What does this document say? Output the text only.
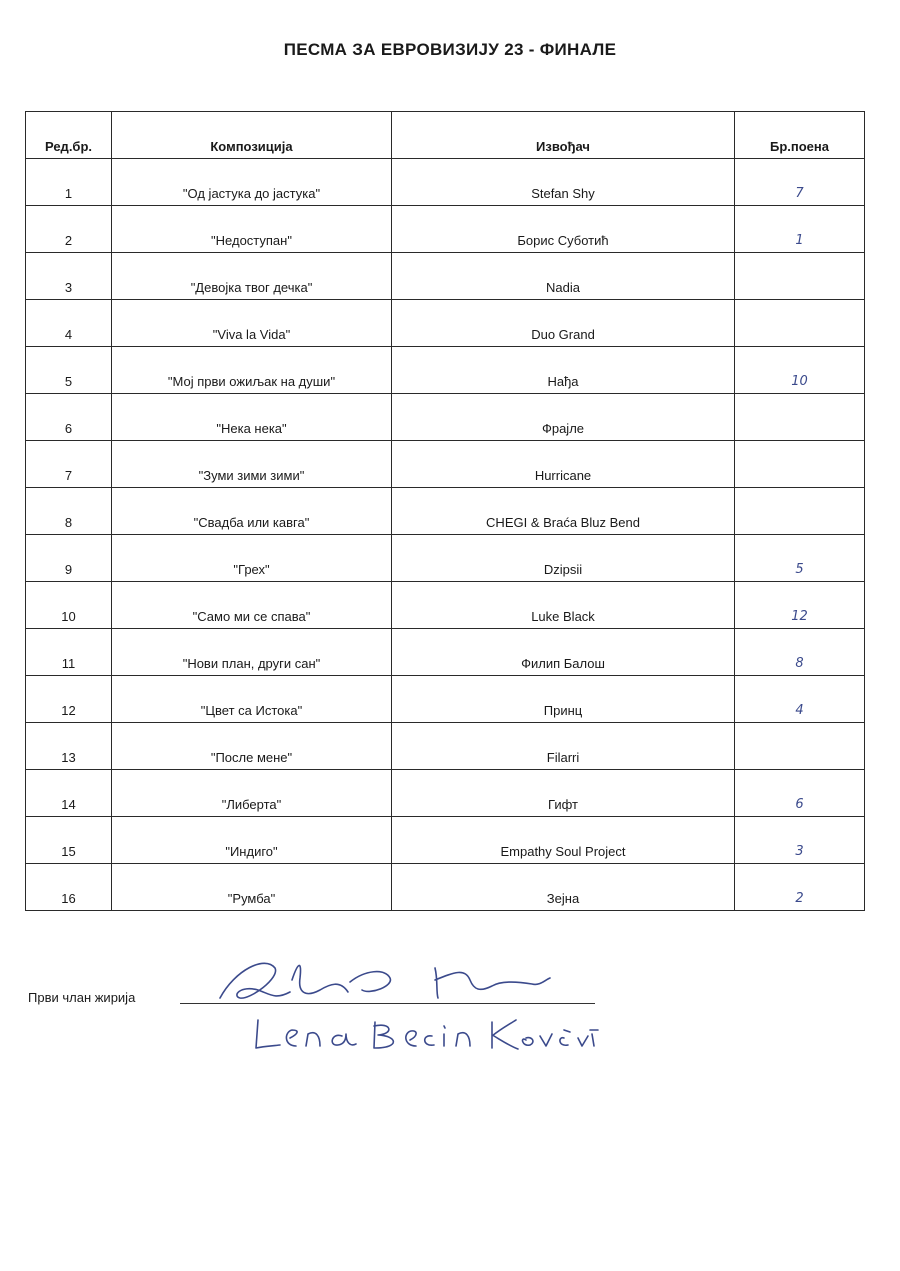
ПЕСМА ЗА ЕВРОВИЗИЈУ 23 - ФИНАЛЕ
Ред.бр.	Композиција	Извођач	Бр.поена
1	"Од јастука до јастука"	Stefan Shy	7
2	"Недоступан"	Борис Суботић	1
3	"Девојка твог дечка"	Nadia	
4	"Viva la Vida"	Duo Grand	
5	"Мој први ожиљак на души"	Нађа	10
6	"Нека нека"	Фрајле	
7	"Зуми зими зими"	Hurricane	
8	"Свадба или кавга"	CHEGI & Braća Bluz Bend	
9	"Грех"	Dzipsii	5
10	"Само ми се спава"	Luke Black	12
11	"Нови план, други сан"	Филип Балош	8
12	"Цвет са Истока"	Принц	4
13	"После мене"	Filarri	
14	"Либерта"	Гифт	6
15	"Индиго"	Empathy Soul Project	3
16	"Румба"	Зејна	2
Први члан жирија
